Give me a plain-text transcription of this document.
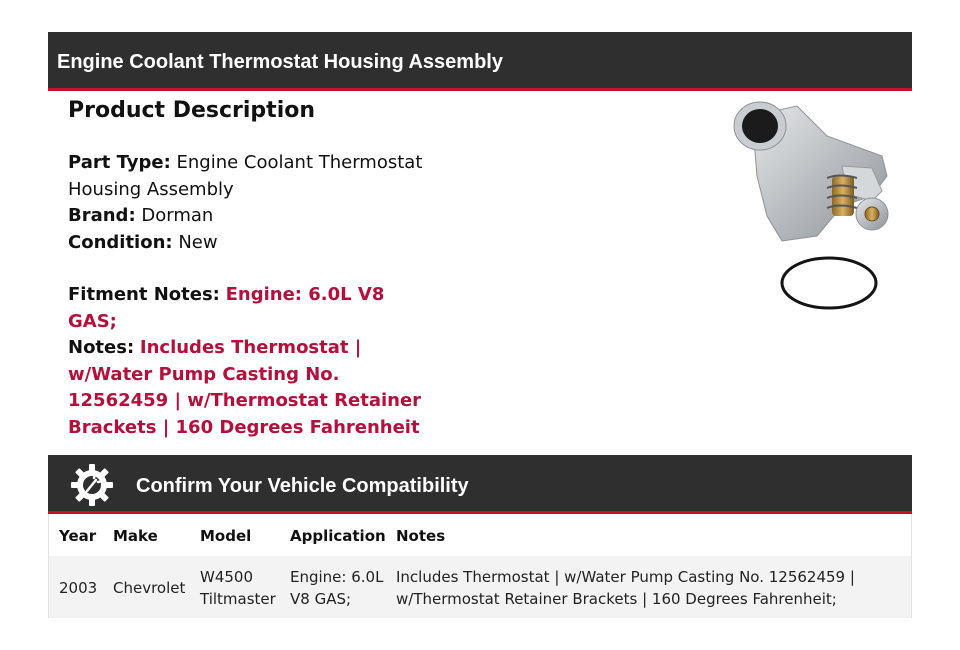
Engine Coolant Thermostat Housing Assembly
Product Description

Part Type: Engine Coolant Thermostat Housing Assembly

Brand: Dorman

Condition: New

Fitment Notes: Engine: 6.0L V8 GAS;

Notes: Includes Thermostat | w/Water Pump Casting No. 12562459 | w/Thermostat Retainer Brackets | 160 Degrees Fahrenheit

Confirm Your Vehicle Compatibility
Year Make	Model	Application Notes
2003 Chevrolet
W4500 Tiltmaster
Engine: 6.0L V8 GAS;
Includes Thermostat | w/Water Pump Casting No. 12562459 | w/Thermostat Retainer Brackets | 160 Degrees Fahrenheit;
